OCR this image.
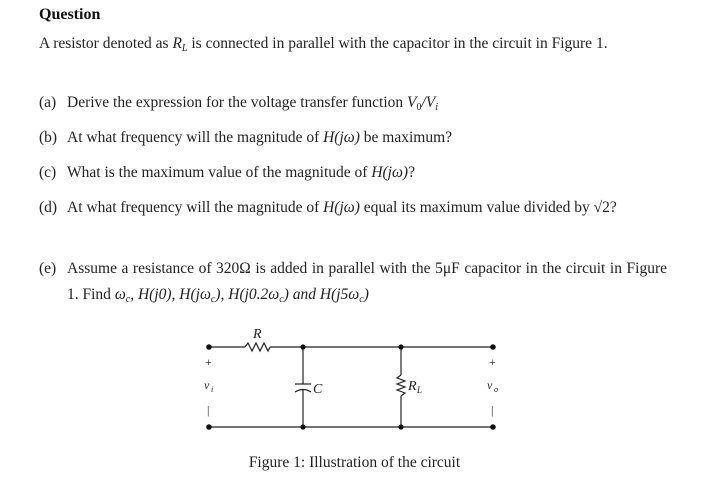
Question
A resistor denoted as $R_L$ is connected in parallel with the capacitor in the circuit in Figure 1.
(a) Derive the expression for the voltage transfer function $V_0/V_i$
(b) At what frequency will the magnitude of H(jω) be maximum?
(c) What is the maximum value of the magnitude of H(jω)?
(d) At what frequency will the magnitude of H(jω) equal its maximum value divided by √2?
(e) Assume a resistance of 320Ω is added in parallel with the 5μF capacitor in the circuit in Figure 1. Find $\omega_c$, H(j0), $H(j\omega_c)$, $H(j0.2\omega_c)$ and $H(j5\omega_c)$
R
C	R L
+
v i
|
+
v o
|
Figure 1: Illustration of the circuit
